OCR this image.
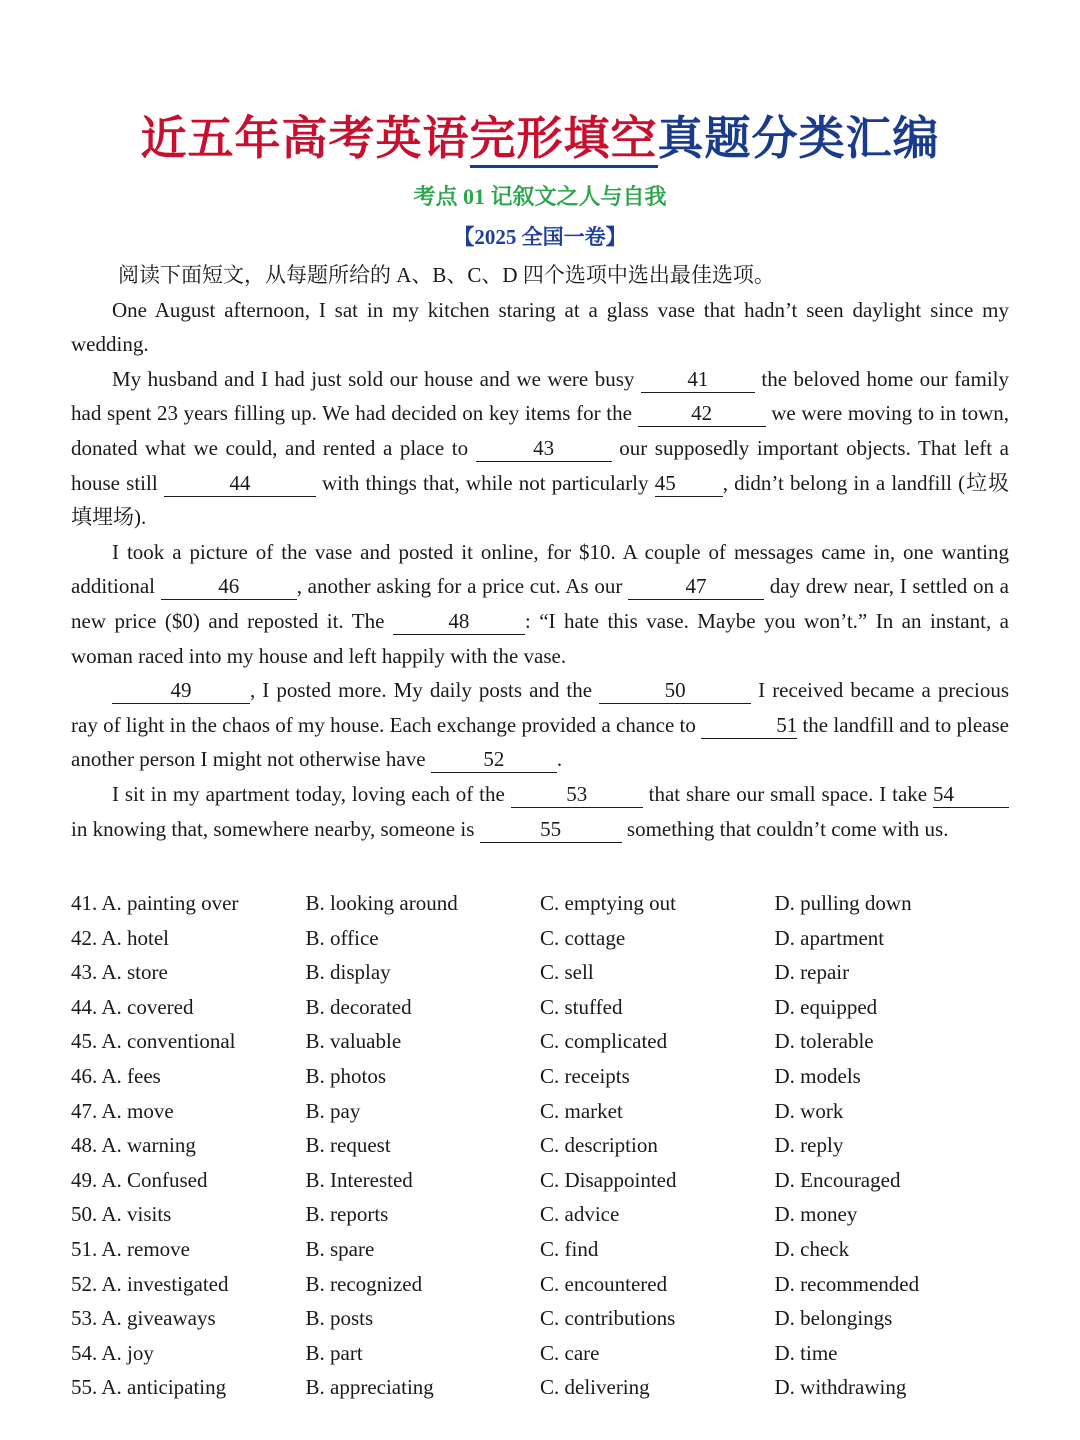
近五年高考英语完形填空真题分类汇编
考点 01 记叙文之人与自我
【2025 全国一卷】

阅读下面短文，从每题所给的 A、B、C、D 四个选项中选出最佳选项。

One August afternoon, I sat in my kitchen staring at a glass vase that hadn’t seen daylight since my wedding.

My husband and I had just sold our house and we were busy 41 the beloved home our family had spent 23 years filling up. We had decided on key items for the	42	we were moving to in town, donated what we could, and rented a place to	43	our supposedly important objects. That left a house still	44	with things that, while not particularly 45 , didn’t belong in a landfill (垃圾填埋场).

I took a picture of the vase and posted it online, for $10. A couple of messages came in, one wanting additional	46	, another asking for a price cut. As our	47	day drew near, I settled on a new price ($0) and reposted it. The	48	: “I hate this vase. Maybe you won’t.” In an instant, a woman raced into my house and left happily with the vase.

49	, I posted more. My daily posts and the	50	I received became a precious ray of light in the chaos of my house. Each exchange provided a chance to	51 the landfill and to please another person I might not otherwise have	52	.

I sit in my apartment today, loving each of the	53	that share our small space. I take 54 in knowing that, somewhere nearby, someone is	55	something that couldn’t come with us.

41. A. painting over	B. looking around	C. emptying out	D. pulling down
42. A. hotel	B. office	C. cottage	D. apartment
43. A. store	B. display	C. sell	D. repair
44. A. covered	B. decorated	C. stuffed	D. equipped
45. A. conventional	B. valuable	C. complicated	D. tolerable
46. A. fees	B. photos	C. receipts	D. models
47. A. move	B. pay	C. market	D. work
48. A. warning	B. request	C. description	D. reply
49. A. Confused	B. Interested	C. Disappointed	D. Encouraged
50. A. visits	B. reports	C. advice	D. money
51. A. remove	B. spare	C. find	D. check
52. A. investigated	B. recognized	C. encountered	D. recommended
53. A. giveaways	B. posts	C. contributions	D. belongings
54. A. joy	B. part	C. care	D. time
55. A. anticipating	B. appreciating	C. delivering	D. withdrawing
